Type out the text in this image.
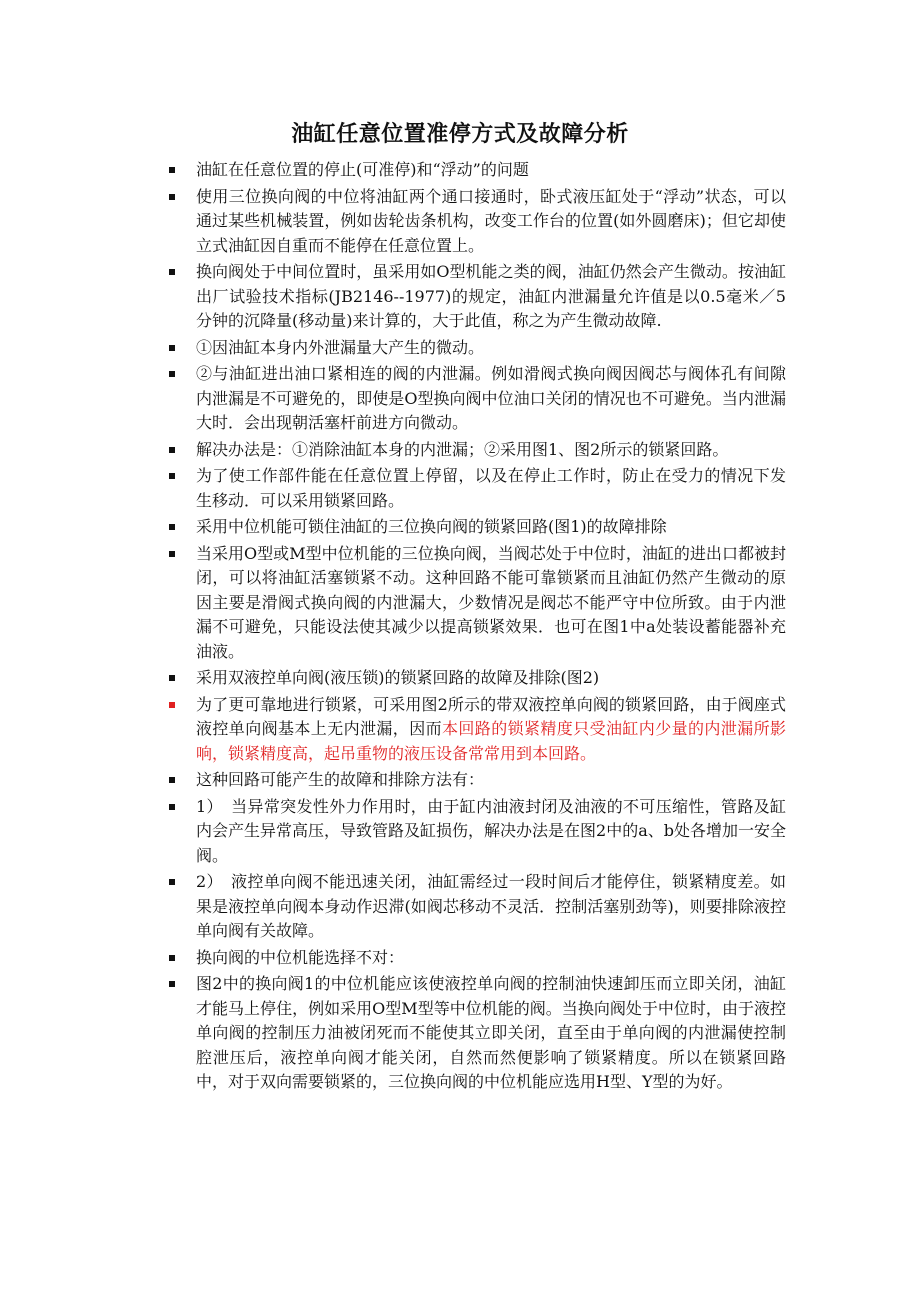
油缸任意位置准停方式及故障分析
油缸在任意位置的停止(可准停)和“浮动”的问题
使用三位换向阀的中位将油缸两个通口接通时，卧式液压缸处于“浮动”状态，可以通过某些机械装置，例如齿轮齿条机构，改变工作台的位置(如外圆磨床)；但它却使立式油缸因自重而不能停在任意位置上。
换向阀处于中间位置时，虽采用如O型机能之类的阀，油缸仍然会产生微动。按油缸出厂试验技术指标(JB2146--1977)的规定，油缸内泄漏量允许值是以0.5毫米／5分钟的沉降量(移动量)来计算的，大于此值，称之为产生微动故障.
①因油缸本身内外泄漏量大产生的微动。
②与油缸进出油口紧相连的阀的内泄漏。例如滑阀式换向阀因阀芯与阀体孔有间隙内泄漏是不可避免的，即使是O型换向阀中位油口关闭的情况也不可避免。当内泄漏大时．会出现朝活塞杆前进方向微动。
解决办法是：①消除油缸本身的内泄漏；②采用图1、图2所示的锁紧回路。
为了使工作部件能在任意位置上停留，以及在停止工作时，防止在受力的情况下发生移动．可以采用锁紧回路。
采用中位机能可锁住油缸的三位换向阀的锁紧回路(图1)的故障排除
当采用O型或M型中位机能的三位换向阀，当阀芯处于中位时，油缸的进出口都被封闭，可以将油缸活塞锁紧不动。这种回路不能可靠锁紧而且油缸仍然产生微动的原因主要是滑阀式换向阀的内泄漏大，少数情况是阀芯不能严守中位所致。由于内泄漏不可避免，只能设法使其减少以提高锁紧效果．也可在图1中a处装设蓄能器补充油液。
采用双液控单向阀(液压锁)的锁紧回路的故障及排除(图2)
为了更可靠地进行锁紧，可采用图2所示的带双液控单向阀的锁紧回路，由于阀座式液控单向阀基本上无内泄漏，因而本回路的锁紧精度只受油缸内少量的内泄漏所影响，锁紧精度高，起吊重物的液压设备常常用到本回路。
这种回路可能产生的故障和排除方法有：
1）　当异常突发性外力作用时，由于缸内油液封闭及油液的不可压缩性，管路及缸内会产生异常高压，导致管路及缸损伤，解决办法是在图2中的a、b处各增加一安全阀。
2）　液控单向阀不能迅速关闭，油缸需经过一段时间后才能停住，锁紧精度差。如果是液控单向阀本身动作迟滞(如阀芯移动不灵活．控制活塞别劲等)，则要排除液控单向阀有关故障。
换向阀的中位机能选择不对：
图2中的换向阀1的中位机能应该使液控单向阀的控制油快速卸压而立即关闭，油缸才能马上停住，例如采用O型M型等中位机能的阀。当换向阀处于中位时，由于液控单向阀的控制压力油被闭死而不能使其立即关闭，直至由于单向阀的内泄漏使控制腔泄压后，液控单向阀才能关闭，自然而然便影响了锁紧精度。所以在锁紧回路中，对于双向需要锁紧的，三位换向阀的中位机能应选用H型、Y型的为好。
